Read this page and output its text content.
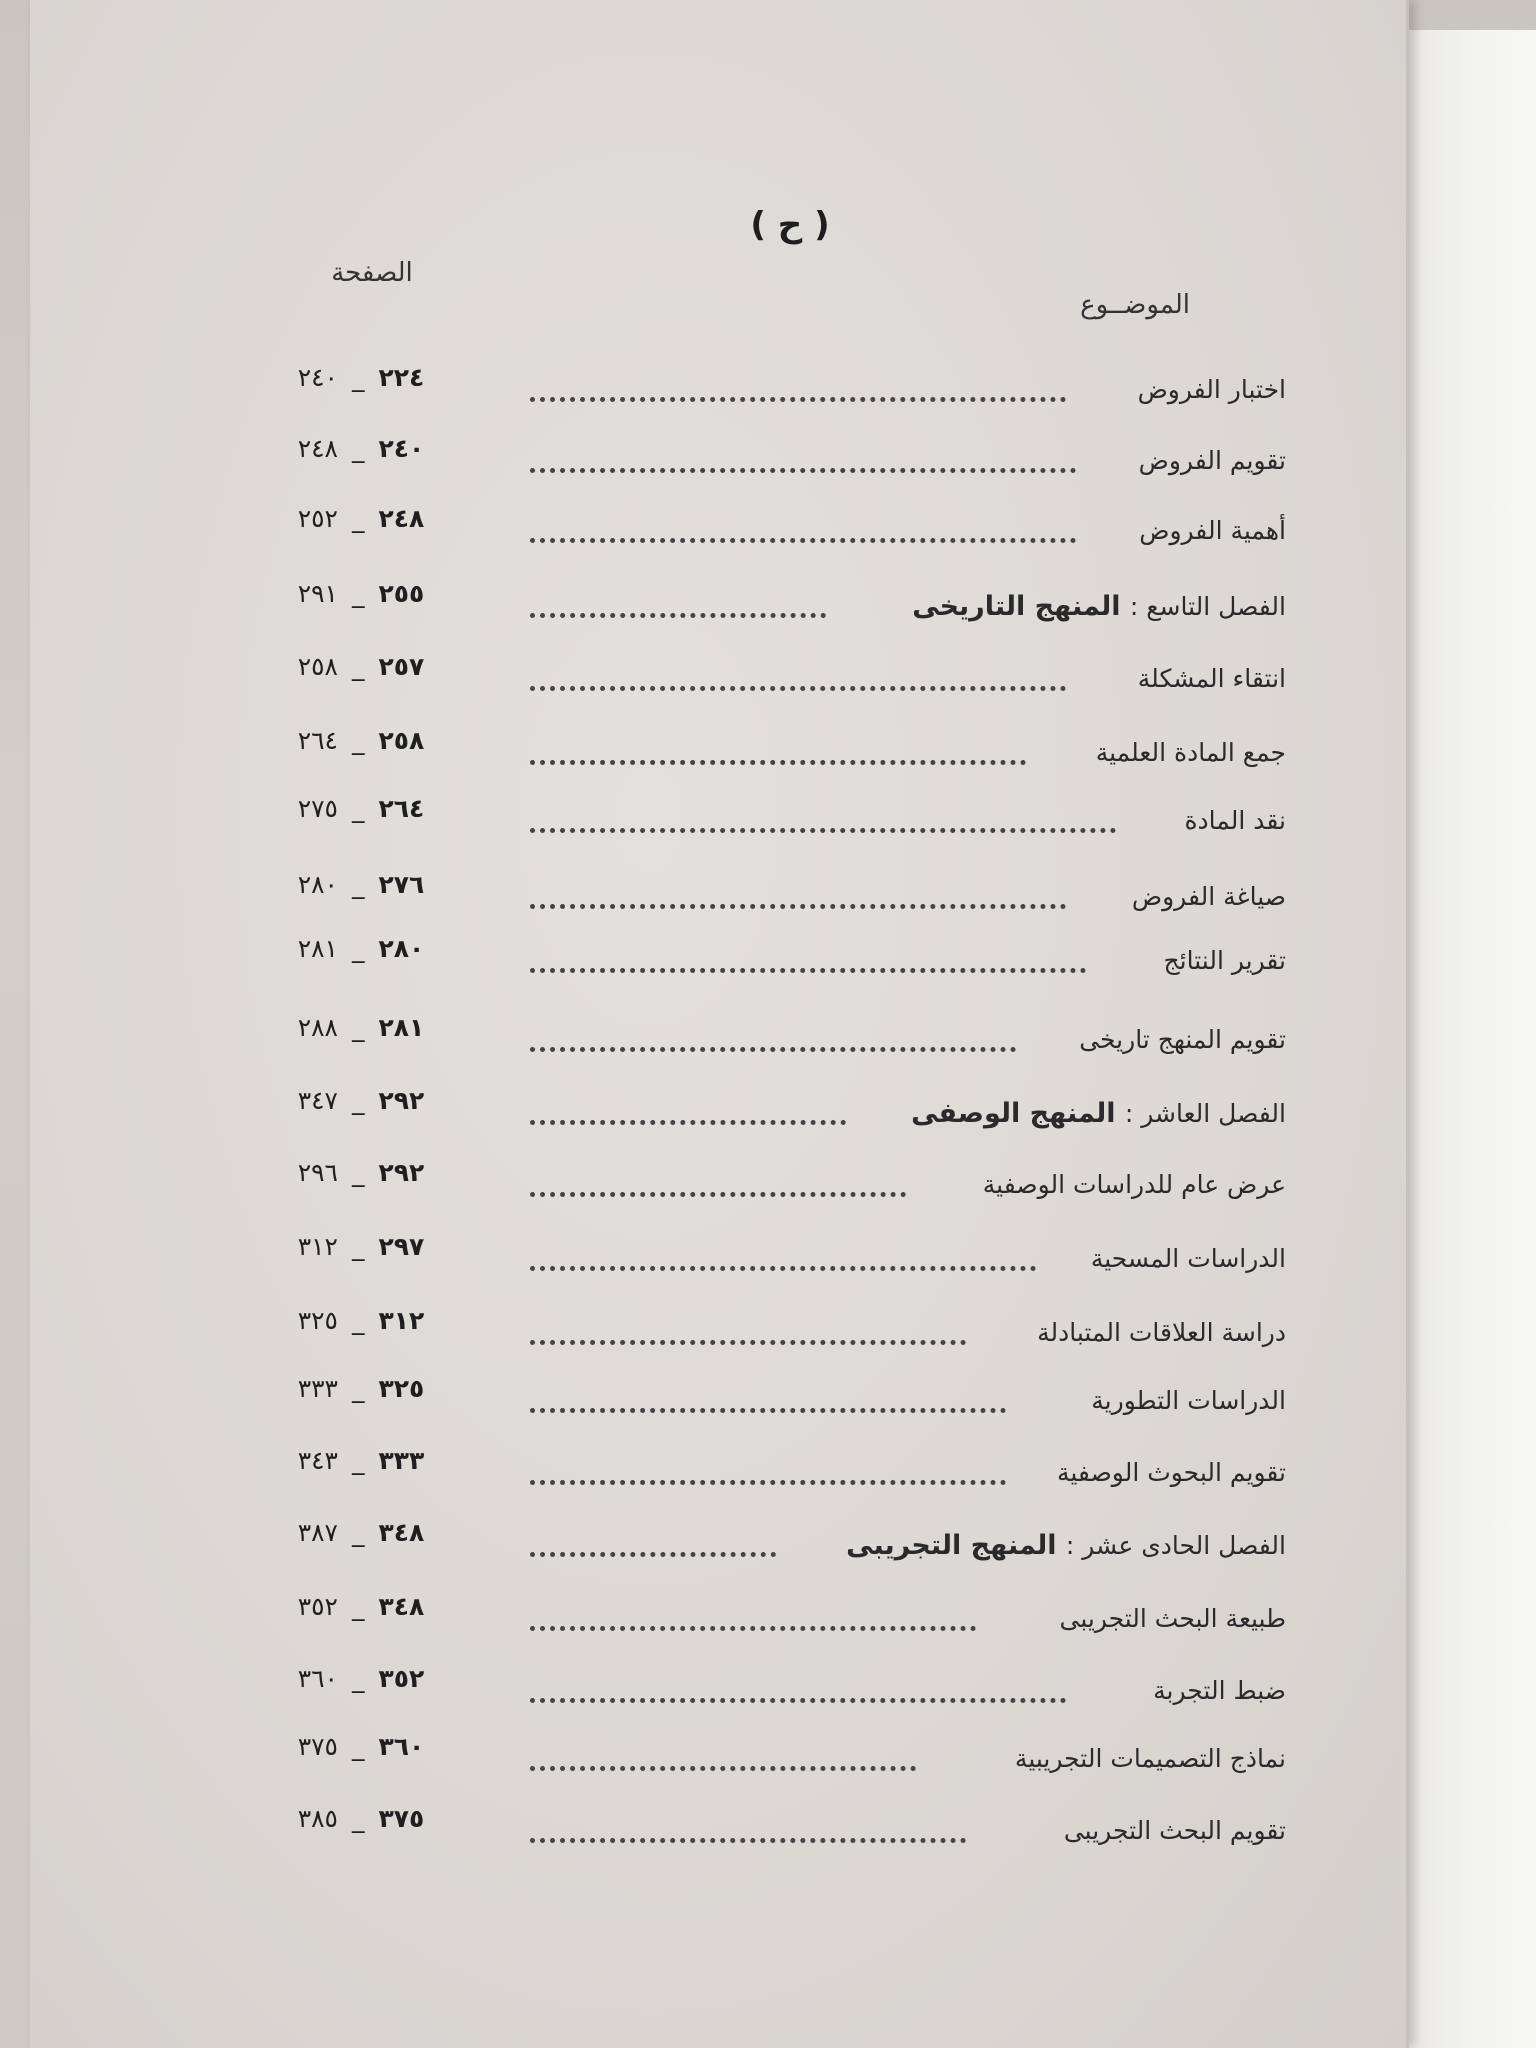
( ح )
الصفحة
الموضــوع
اختبار الفروض
٢٢٤_٢٤٠
تقويم الفروض
٢٤٠_٢٤٨
أهمية الفروض
٢٤٨_٢٥٢
الفصل التاسع : المنهج التاريخى
٢٥٥_٢٩١
انتقاء المشكلة
٢٥٧_٢٥٨
جمع المادة العلمية
٢٥٨_٢٦٤
نقد المادة
٢٦٤_٢٧٥
صياغة الفروض
٢٧٦_٢٨٠
تقرير النتائج
٢٨٠_٢٨١
تقويم المنهج تاريخى
٢٨١_٢٨٨
الفصل العاشر : المنهج الوصفى
٢٩٢_٣٤٧
عرض عام للدراسات الوصفية
٢٩٢_٢٩٦
الدراسات المسحية
٢٩٧_٣١٢
دراسة العلاقات المتبادلة
٣١٢_٣٢٥
الدراسات التطورية
٣٢٥_٣٣٣
تقويم البحوث الوصفية
٣٣٣_٣٤٣
الفصل الحادى عشر : المنهج التجريبى
٣٤٨_٣٨٧
طبيعة البحث التجريبى
٣٤٨_٣٥٢
ضبط التجربة
٣٥٢_٣٦٠
نماذج التصميمات التجريبية
٣٦٠_٣٧٥
تقويم البحث التجريبى
٣٧٥_٣٨٥
